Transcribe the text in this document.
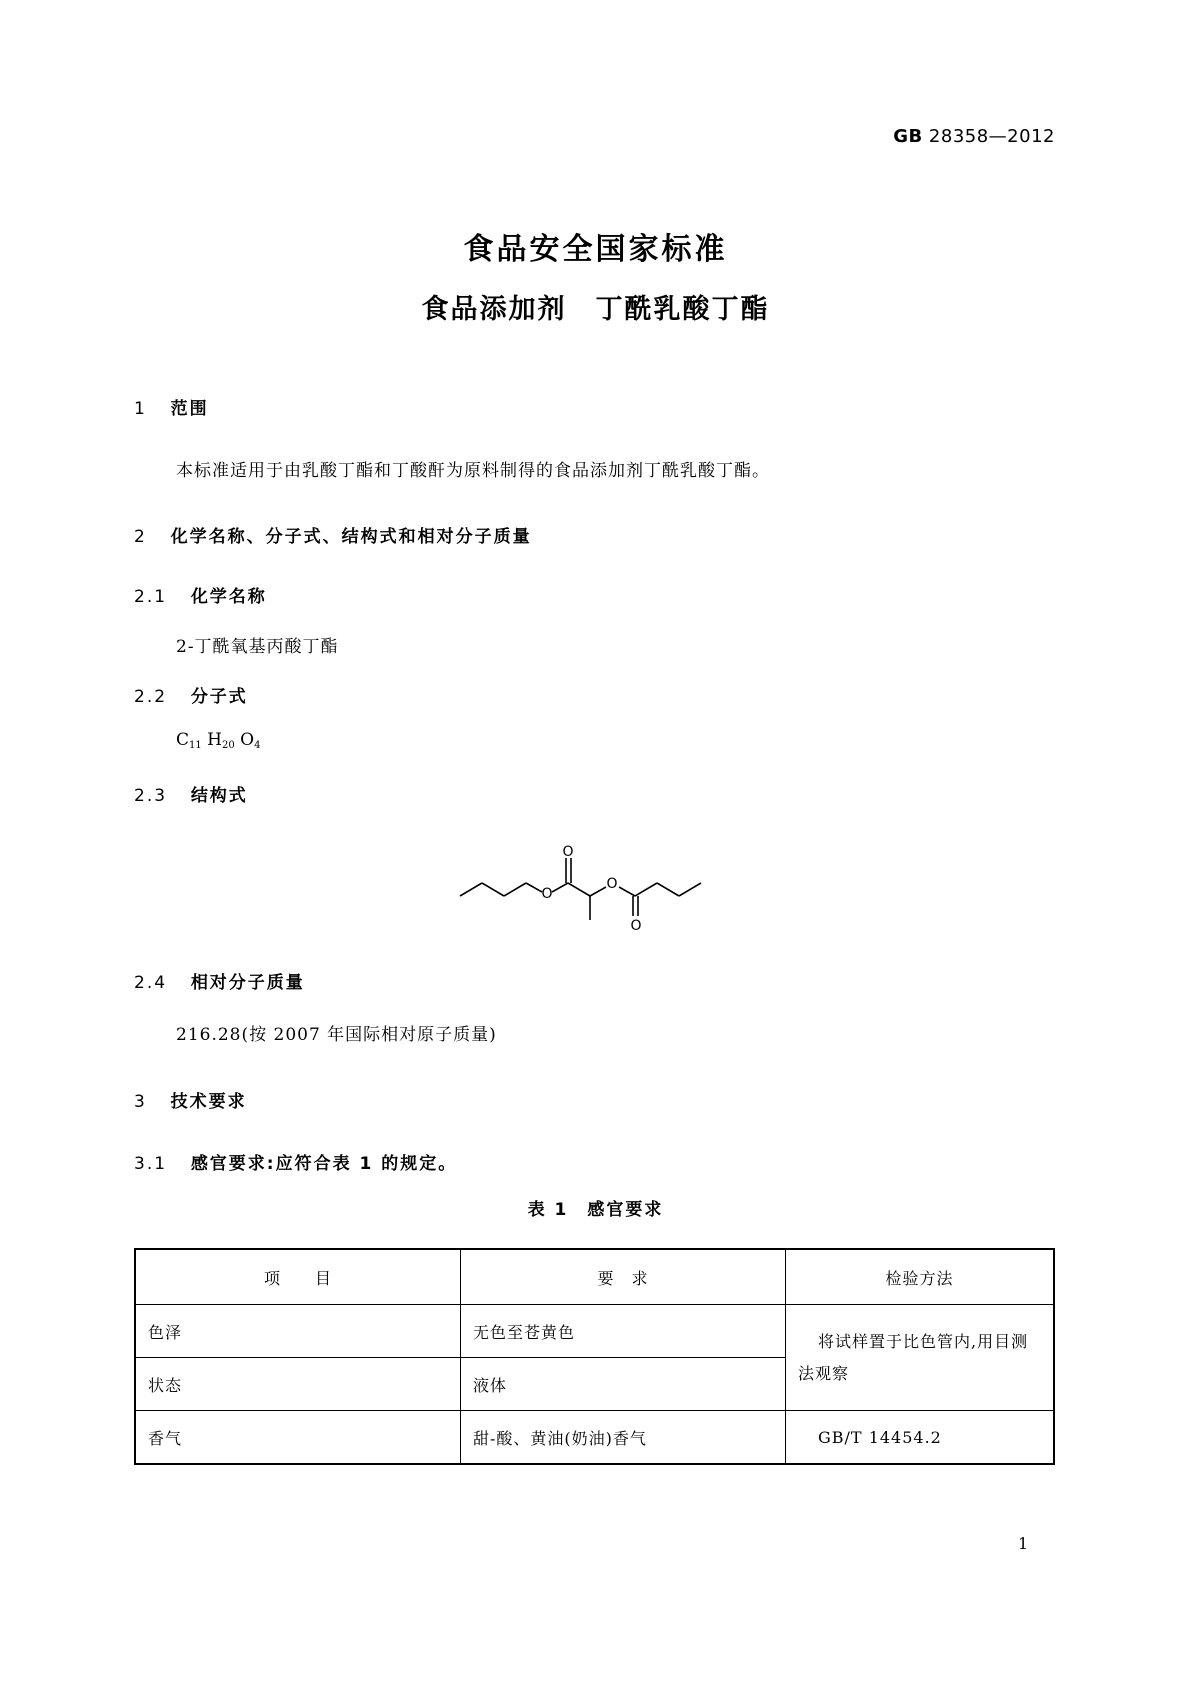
GB 28358—2012
食品安全国家标准
食品添加剂　丁酰乳酸丁酯
1 范围
本标准适用于由乳酸丁酯和丁酸酐为原料制得的食品添加剂丁酰乳酸丁酯。
2 化学名称、分子式、结构式和相对分子质量
2.1 化学名称
2-丁酰氧基丙酸丁酯
2.2 分子式
$C_{11}$ $H_{20}$ $O_4$
2.3 结构式
O
O
O
O
2.4 相对分子质量
216.28(按 2007 年国际相对原子质量)
3 技术要求
3.1 感官要求:应符合表 1 的规定。
表 1　感官要求
项　　目	要　求	检验方法
色泽	无色至苍黄色	将试样置于比色管内,用目测
法观察

状态	液体	
香气	甜-酸、黄油(奶油)香气	GB/T 14454.2
1
